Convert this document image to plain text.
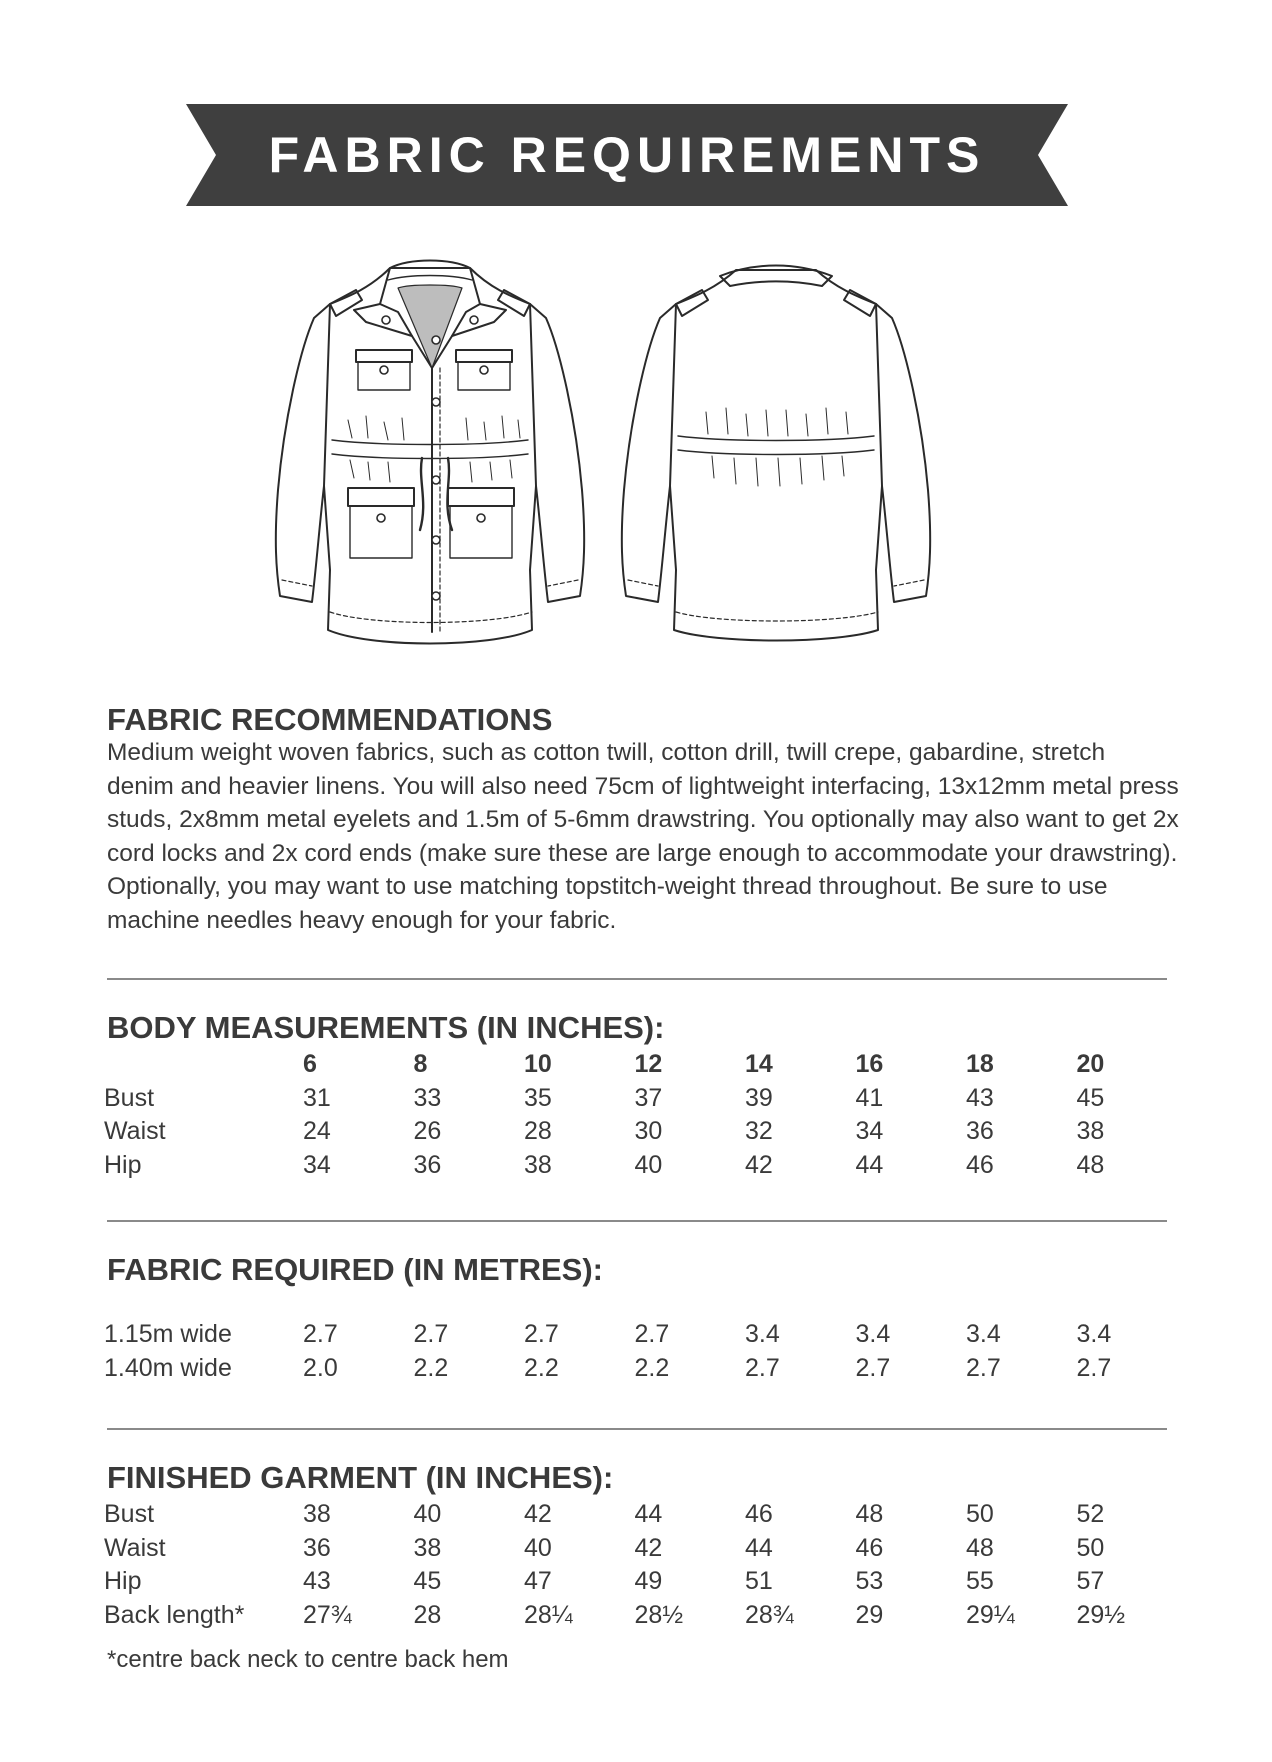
FABRIC REQUIREMENTS
FABRIC RECOMMENDATIONS

Medium weight woven fabrics, such as cotton twill, cotton drill, twill crepe, gabardine, stretch
denim and heavier linens. You will also need 75cm of lightweight interfacing, 13x12mm metal press
studs, 2x8mm metal eyelets and 1.5m of 5-6mm drawstring. You optionally may also want to get 2x
cord locks and 2x cord ends (make sure these are large enough to accommodate your drawstring).
Optionally, you may want to use matching topstitch-weight thread throughout. Be sure to use
machine needles heavy enough for your fabric.

BODY MEASUREMENTS (IN INCHES):
	6	8	10	12	14	16	18	20
Bust	31	33	35	37	39	41	43	45
Waist	24	26	28	30	32	34	36	38
Hip	34	36	38	40	42	44	46	48
FABRIC REQUIRED (IN METRES):
1.15m wide	2.7	2.7	2.7	2.7	3.4	3.4	3.4	3.4
1.40m wide	2.0	2.2	2.2	2.2	2.7	2.7	2.7	2.7
FINISHED GARMENT (IN INCHES):
Bust	38	40	42	44	46	48	50	52
Waist	36	38	40	42	44	46	48	50
Hip	43	45	47	49	51	53	55	57
Back length*	27¾	28	28¼	28½	28¾	29	29¼	29½

*centre back neck to centre back hem
